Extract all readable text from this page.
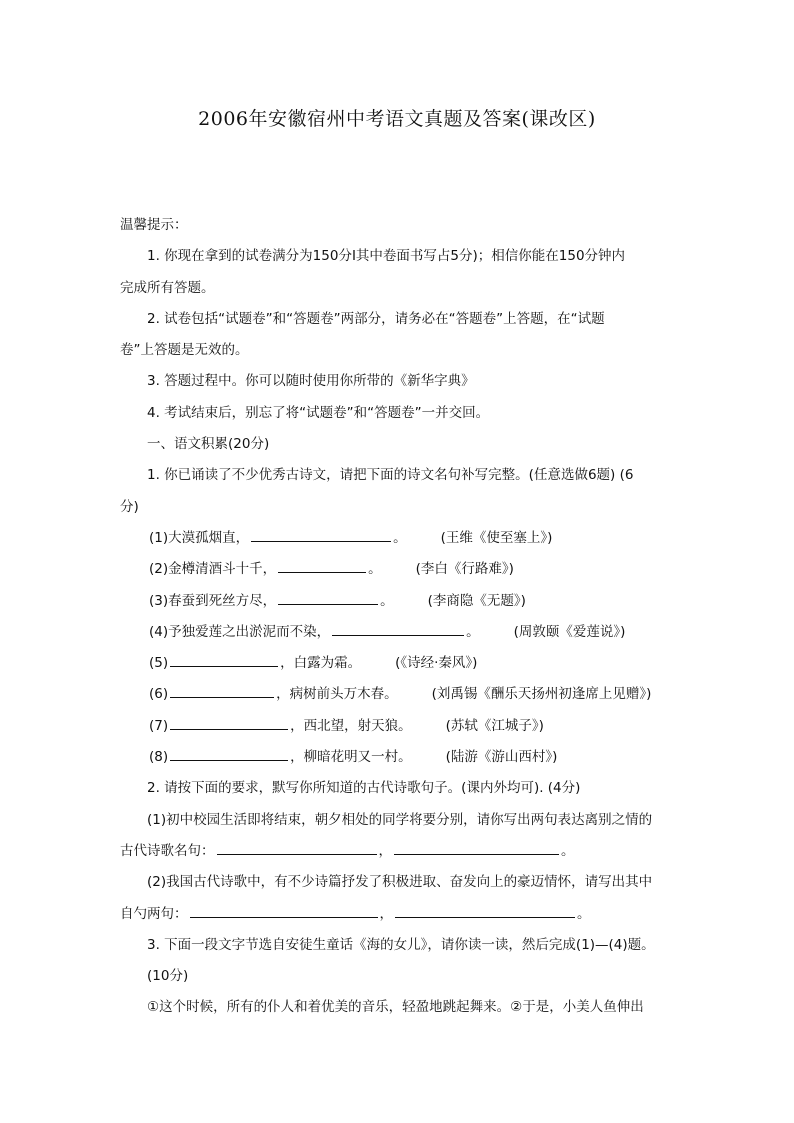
2006年安徽宿州中考语文真题及答案(课改区)
温馨提示：
1. 你现在拿到的试卷满分为150分I其中卷面书写占5分)；相信你能在150分钟内
完成所有答题。
2. 试卷包括“试题卷”和“答题卷”两部分，请务必在“答题卷”上答题，在“试题
卷”上答题是无效的。
3. 答题过程中。你可以随时使用你所带的《新华字典》
4. 考试结束后，别忘了将“试题卷”和“答题卷”一并交回。
一、语文积累(20分)
1. 你已诵读了不少优秀古诗文，请把下面的诗文名句补写完整。(任意选做6题) (6
分)
(1)大漠孤烟直，	。	(王维《使至塞上》)
(2)金樽清酒斗十千，	。	(李白《行路难》)
(3)春蚕到死丝方尽，	。	(李商隐《无题》)
(4)予独爱莲之出淤泥而不染，	。	(周敦颐《爱莲说》)
(5)	，白露为霜。	(《诗经·秦风》)
(6)	，病树前头万木春。	(刘禹锡《酬乐天扬州初逢席上见赠》)
(7)	，西北望，射天狼。	(苏轼《江城子》)
(8)	，柳暗花明又一村。	(陆游《游山西村》)
2. 请按下面的要求，默写你所知道的古代诗歌句子。(课内外均可). (4分)
(1)初中校园生活即将结束，朝夕相处的同学将要分别，请你写出两句表达离别之情的
古代诗歌名句：	，	。
(2)我国古代诗歌中，有不少诗篇抒发了积极进取、奋发向上的豪迈情怀，请写出其中
自勺两句：	，	。
3. 下面一段文字节选自安徒生童话《海的女儿》，请你读一读，然后完成(1)—(4)题。
(10分)
①这个时候，所有的仆人和着优美的音乐，轻盈地跳起舞来。②于是，小美人鱼伸出
